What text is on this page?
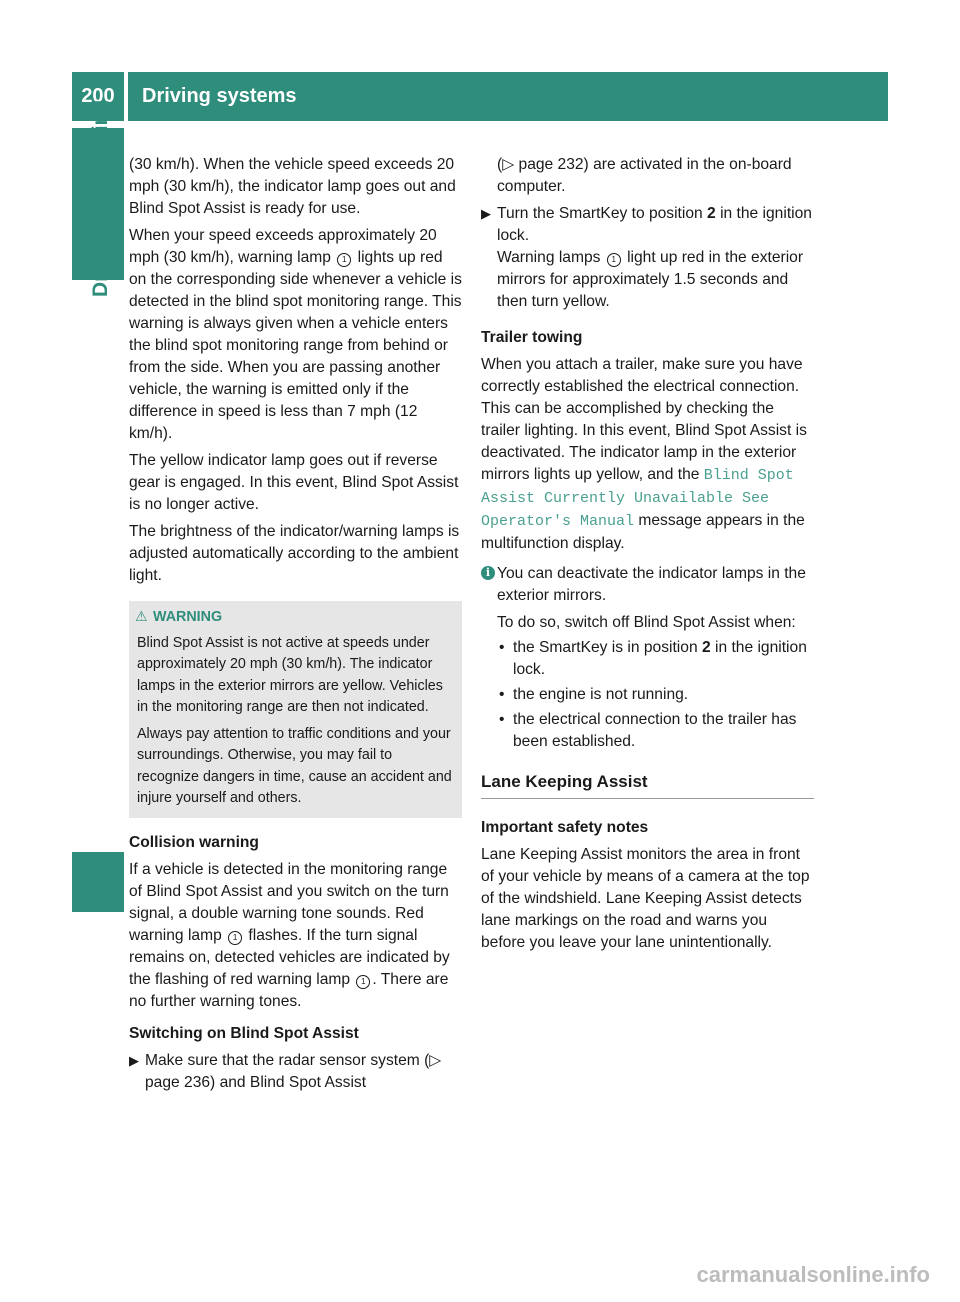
200	Driving systems
Driving and parking (30 km/h). When the vehicle speed exceeds 20 mph (30 km/h), the indicator lamp goes out and Blind Spot Assist is ready for use.

When your speed exceeds approximately 20 mph (30 km/h), warning lamp 1 lights up red on the corresponding side whenever a vehicle is detected in the blind spot monitoring range. This warning is always given when a vehicle enters the blind spot monitoring range from behind or from the side. When you are passing another vehicle, the warning is emitted only if the difference in speed is less than 7 mph (12 km/h).

The yellow indicator lamp goes out if reverse gear is engaged. In this event, Blind Spot Assist is no longer active.

The brightness of the indicator/warning lamps is adjusted automatically according to the ambient light.

⚠ WARNING

Blind Spot Assist is not active at speeds under approximately 20 mph (30 km/h). The indicator lamps in the exterior mirrors are yellow. Vehicles in the monitoring range are then not indicated.

Always pay attention to traffic conditions and your surroundings. Otherwise, you may fail to recognize dangers in time, cause an accident and injure yourself and others.

Collision warning

If a vehicle is detected in the monitoring range of Blind Spot Assist and you switch on the turn signal, a double warning tone sounds. Red warning lamp 1 flashes. If the turn signal remains on, detected vehicles are indicated by the flashing of red warning lamp 1 . There are no further warning tones.

Switching on Blind Spot Assist

▶ Make sure that the radar sensor system (▷ page 236) and Blind Spot Assist

(▷ page 232) are activated in the on-board computer.

▶ Turn the SmartKey to position 2 in the ignition lock.
Warning lamps 1 light up red in the exterior mirrors for approximately 1.5 seconds and then turn yellow.

Trailer towing

When you attach a trailer, make sure you have correctly established the electrical connection. This can be accomplished by checking the trailer lighting. In this event, Blind Spot Assist is deactivated. The indicator lamp in the exterior mirrors lights up yellow, and the Blind Spot Assist Currently Unavailable See Operator's Manual message appears in the multifunction display.

i You can deactivate the indicator lamps in the exterior mirrors.

To do so, switch off Blind Spot Assist when:

• the SmartKey is in position 2 in the ignition lock.
• the engine is not running.
• the electrical connection to the trailer has been established.
Lane Keeping Assist

Important safety notes

Lane Keeping Assist monitors the area in front of your vehicle by means of a camera at the top of the windshield. Lane Keeping Assist detects lane markings on the road and warns you before you leave your lane unintentionally.

carmanualsonline.info
